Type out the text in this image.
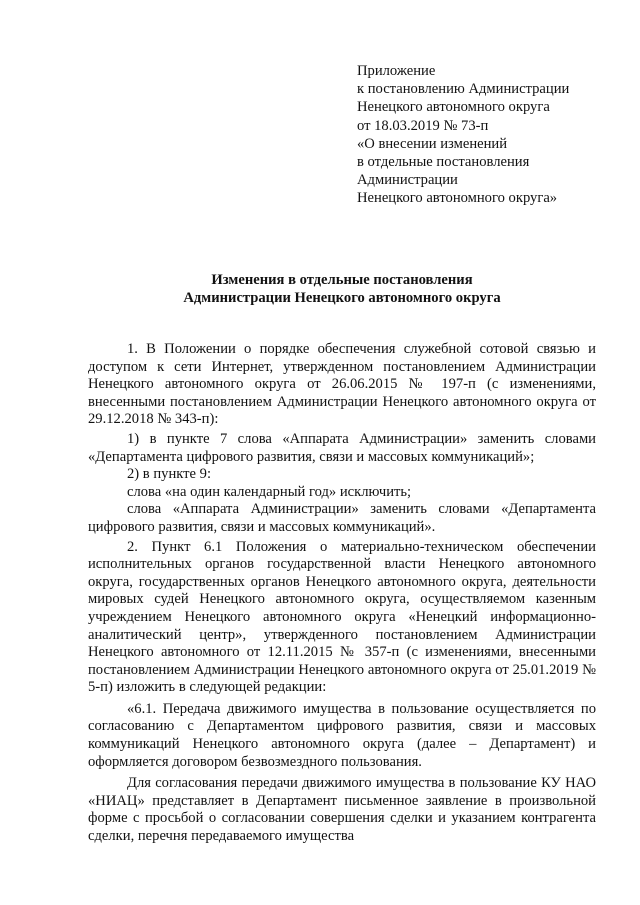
Приложение
к постановлению Администрации
Ненецкого автономного округа
от 18.03.2019 № 73-п
«О внесении изменений
в отдельные постановления
Администрации
Ненецкого автономного округа»
Изменения в отдельные постановления
Администрации Ненецкого автономного округа

1. В Положении о порядке обеспечения служебной сотовой связью и доступом к сети Интернет, утвержденном постановлением Администрации Ненецкого автономного округа от 26.06.2015 № 197-п (с изменениями, внесенными постановлением Администрации Ненецкого автономного округа от 29.12.2018 № 343-п):

1) в пункте 7 слова «Аппарата Администрации» заменить словами «Департамента цифрового развития, связи и массовых коммуникаций»;

2) в пункте 9:

слова «на один календарный год» исключить;

слова «Аппарата Администрации» заменить словами «Департамента цифрового развития, связи и массовых коммуникаций».

2. Пункт 6.1 Положения о материально-техническом обеспечении исполнительных органов государственной власти Ненецкого автономного округа, государственных органов Ненецкого автономного округа, деятельности мировых судей Ненецкого автономного округа, осуществляемом казенным учреждением Ненецкого автономного округа «Ненецкий информационно-аналитический центр», утвержденного постановлением Администрации Ненецкого автономного от 12.11.2015 № 357-п (с изменениями, внесенными постановлением Администрации Ненецкого автономного округа от 25.01.2019 № 5-п) изложить в следующей редакции:

«6.1. Передача движимого имущества в пользование осуществляется по согласованию с Департаментом цифрового развития, связи и массовых коммуникаций Ненецкого автономного округа (далее – Департамент) и оформляется договором безвозмездного пользования.

Для согласования передачи движимого имущества в пользование КУ НАО «НИАЦ» представляет в Департамент письменное заявление в произвольной форме с просьбой о согласовании совершения сделки и указанием контрагента сделки, перечня передаваемого имущества
